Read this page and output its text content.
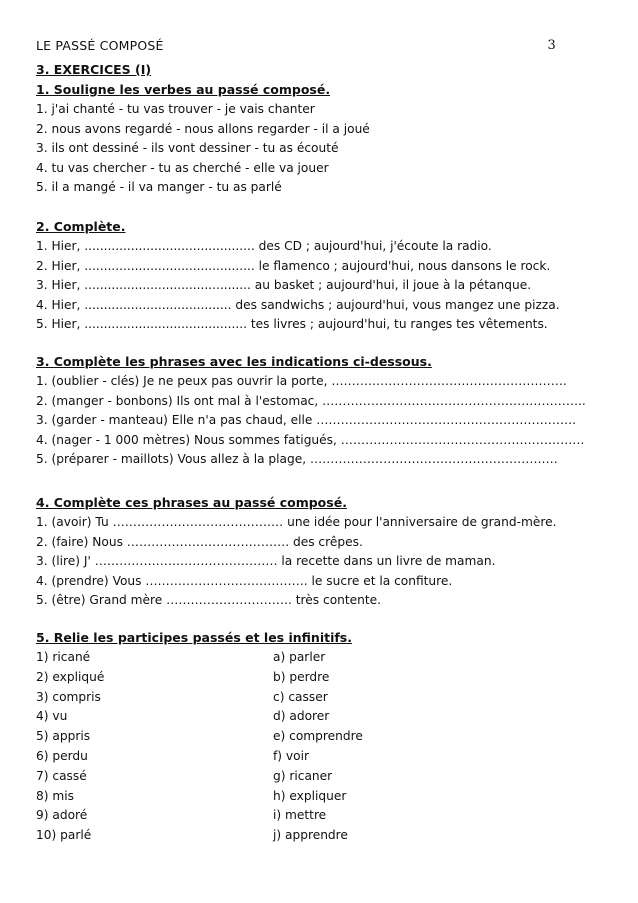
LE PASSÉ COMPOSÉ	3
3. EXERCICES (I)
1. Souligne les verbes au passé composé.
1. j'ai chanté - tu vas trouver - je vais chanter
2. nous avons regardé - nous allons regarder - il a joué
3. ils ont dessiné - ils vont dessiner - tu as écouté
4. tu vas chercher - tu as cherché - elle va jouer
5. il a mangé - il va manger - tu as parlé
2. Complète.
1. Hier, ............................................ des CD ; aujourd'hui, j'écoute la radio.
2. Hier, ............................................ le flamenco ; aujourd'hui, nous dansons le rock.
3. Hier, ........................................... au basket ; aujourd'hui, il joue à la pétanque.
4. Hier, ...................................... des sandwichs ; aujourd'hui, vous mangez une pizza.
5. Hier, .......................................... tes livres ; aujourd'hui, tu ranges tes vêtements.
3. Complète les phrases avec les indications ci-dessous.
1. (oublier - clés) Je ne peux pas ouvrir la porte, ………………………………………………….
2. (manger - bonbons) Ils ont mal à l'estomac, ………………………………………………………..
3. (garder - manteau) Elle n'a pas chaud, elle ……………………………………………………….
4. (nager - 1 000 mètres) Nous sommes fatigués, ……………………………………………………
5. (préparer - maillots) Vous allez à la plage, …………………………………………………….
4. Complète ces phrases au passé composé.
1. (avoir) Tu …………………………………… une idée pour l'anniversaire de grand-mère.
2. (faire) Nous …………………………………. des crêpes.
3. (lire) J' ……………………………………… la recette dans un livre de maman.
4. (prendre) Vous …………………………………. le sucre et la confiture.
5. (être) Grand mère …………………………. très contente.
5. Relie les participes passés et les infinitifs.
1) ricané	a) parler
2) expliqué	b) perdre
3) compris	c) casser
4) vu	d) adorer
5) appris	e) comprendre
6) perdu	f) voir
7) cassé	g) ricaner
8) mis	h) expliquer
9) adoré	i) mettre
10) parlé	j) apprendre
